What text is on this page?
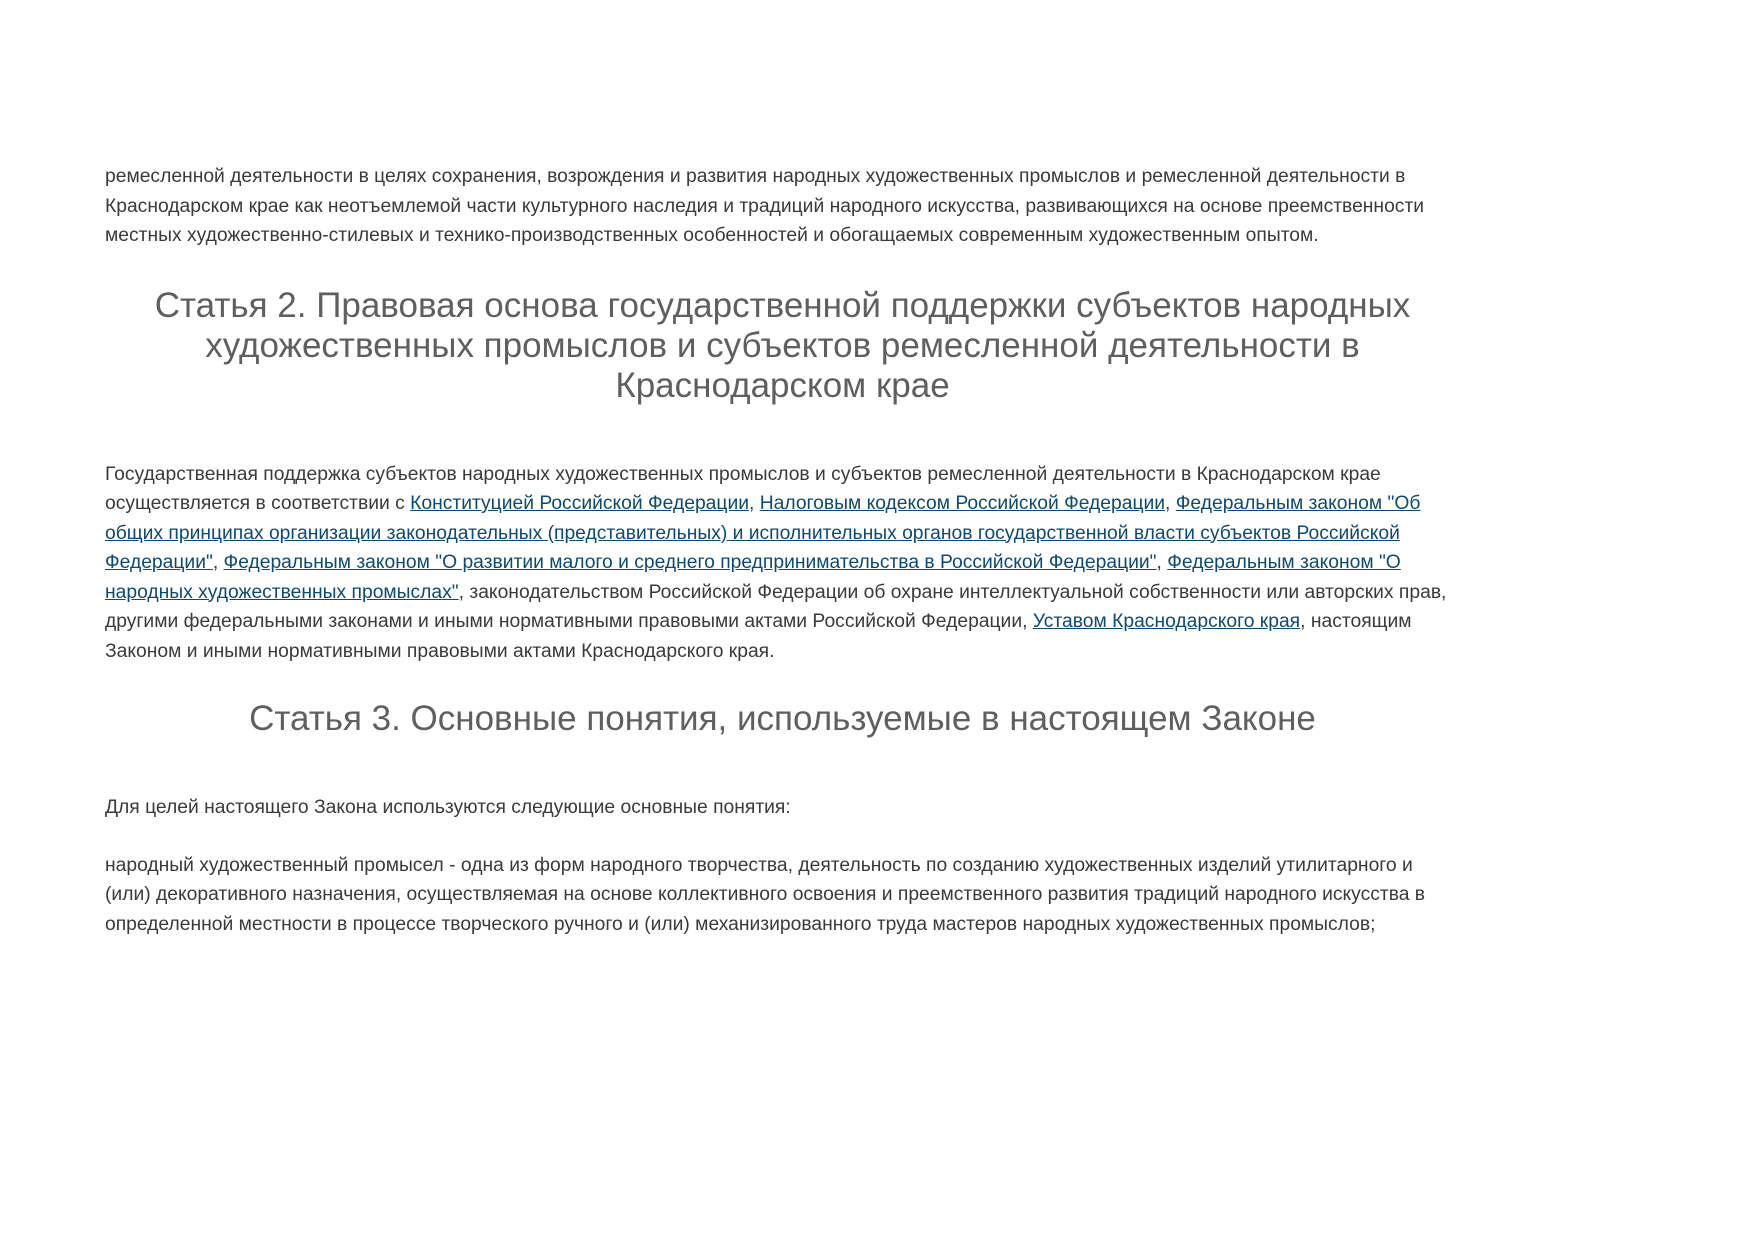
ремесленной деятельности в целях сохранения, возрождения и развития народных художественных промыслов и ремесленной деятельности в Краснодарском крае как неотъемлемой части культурного наследия и традиций народного искусства, развивающихся на основе преемственности местных художественно-стилевых и технико-производственных особенностей и обогащаемых современным художественным опытом.

Статья 2. Правовая основа государственной поддержки субъектов народных художественных промыслов и субъектов ремесленной деятельности в Краснодарском крае

Государственная поддержка субъектов народных художественных промыслов и субъектов ремесленной деятельности в Краснодарском крае осуществляется в соответствии с Конституцией Российской Федерации, Налоговым кодексом Российской Федерации, Федеральным законом "Об общих принципах организации законодательных (представительных) и исполнительных органов государственной власти субъектов Российской Федерации", Федеральным законом "О развитии малого и среднего предпринимательства в Российской Федерации", Федеральным законом "О народных художественных промыслах", законодательством Российской Федерации об охране интеллектуальной собственности или авторских прав, другими федеральными законами и иными нормативными правовыми актами Российской Федерации, Уставом Краснодарского края, настоящим Законом и иными нормативными правовыми актами Краснодарского края.

Статья 3. Основные понятия, используемые в настоящем Законе

Для целей настоящего Закона используются следующие основные понятия:

народный художественный промысел - одна из форм народного творчества, деятельность по созданию художественных изделий утилитарного и (или) декоративного назначения, осуществляемая на основе коллективного освоения и преемственного развития традиций народного искусства в определенной местности в процессе творческого ручного и (или) механизированного труда мастеров народных художественных промыслов;
